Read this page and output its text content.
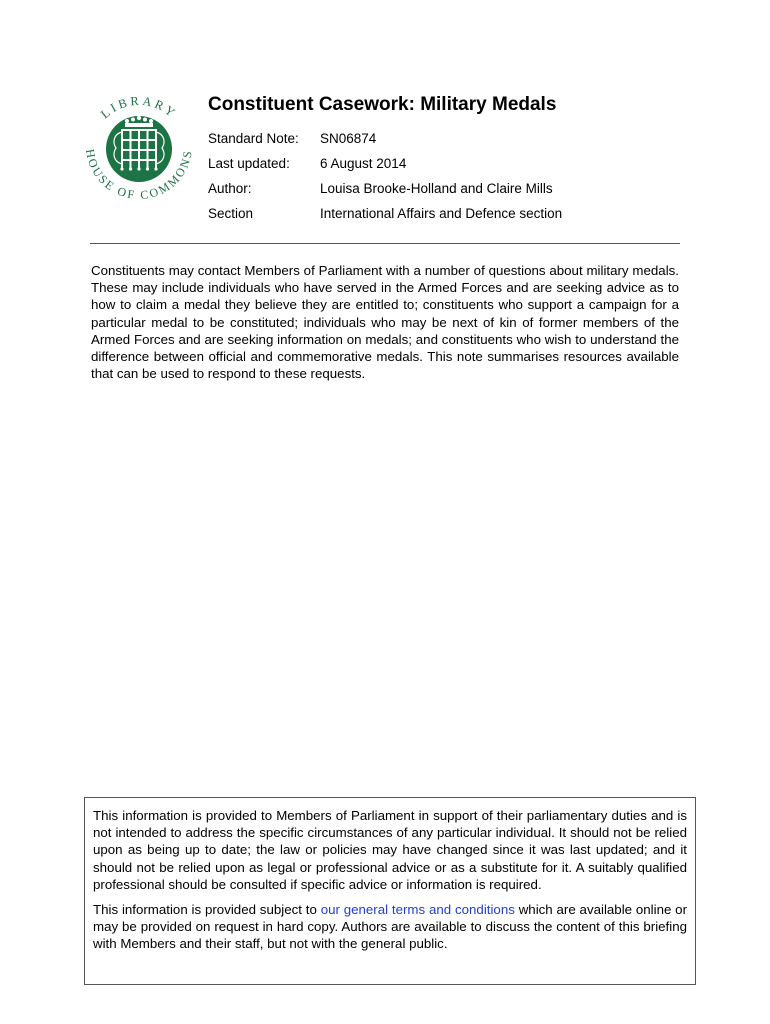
LIBRARY
HOUSE OF COMMONS
Constituent Casework: Military Medals
Standard Note: SN06874
Last updated: 6 August 2014
Author:	Louisa Brooke-Holland and Claire Mills
Section	International Affairs and Defence section

Constituents may contact Members of Parliament with a number of questions about military medals. These may include individuals who have served in the Armed Forces and are seeking advice as to how to claim a medal they believe they are entitled to; constituents who support a campaign for a particular medal to be constituted; individuals who may be next of kin of former members of the Armed Forces and are seeking information on medals; and constituents who wish to understand the difference between official and commemorative medals. This note summarises resources available that can be used to respond to these requests.

This information is provided to Members of Parliament in support of their parliamentary duties and is not intended to address the specific circumstances of any particular individual. It should not be relied upon as being up to date; the law or policies may have changed since it was last updated; and it should not be relied upon as legal or professional advice or as a substitute for it. A suitably qualified professional should be consulted if specific advice or information is required.

This information is provided subject to our general terms and conditions which are available online or may be provided on request in hard copy. Authors are available to discuss the content of this briefing with Members and their staff, but not with the general public.
